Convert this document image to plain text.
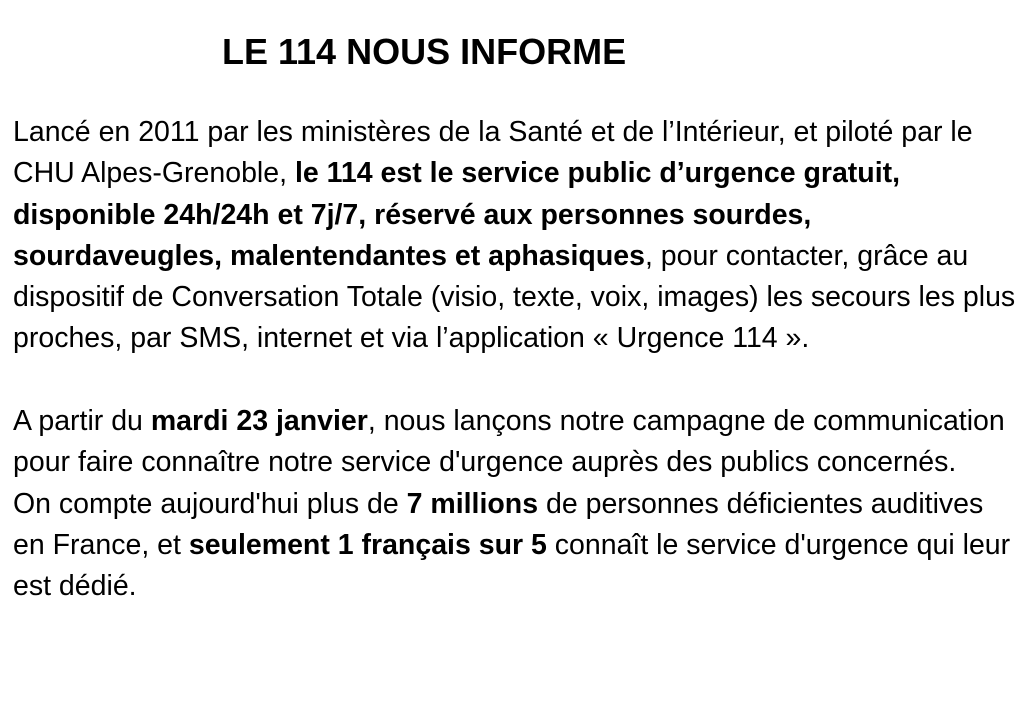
LE 114 NOUS INFORME

Lancé en 2011 par les ministères de la Santé et de l’Intérieur, et piloté par le CHU Alpes-Grenoble, le 114 est le service public d’urgence gratuit, disponible 24h/24h et 7j/7, réservé aux personnes sourdes, sourdaveugles, malentendantes et aphasiques, pour contacter, grâce au dispositif de Conversation Totale (visio, texte, voix, images) les secours les plus proches, par SMS, internet et via l’application « Urgence 114 ».

A partir du mardi 23 janvier, nous lançons notre campagne de communication pour faire connaître notre service d'urgence auprès des publics concernés.

On compte aujourd'hui plus de 7 millions de personnes déficientes auditives en France, et seulement 1 français sur 5 connaît le service d'urgence qui leur est dédié.
